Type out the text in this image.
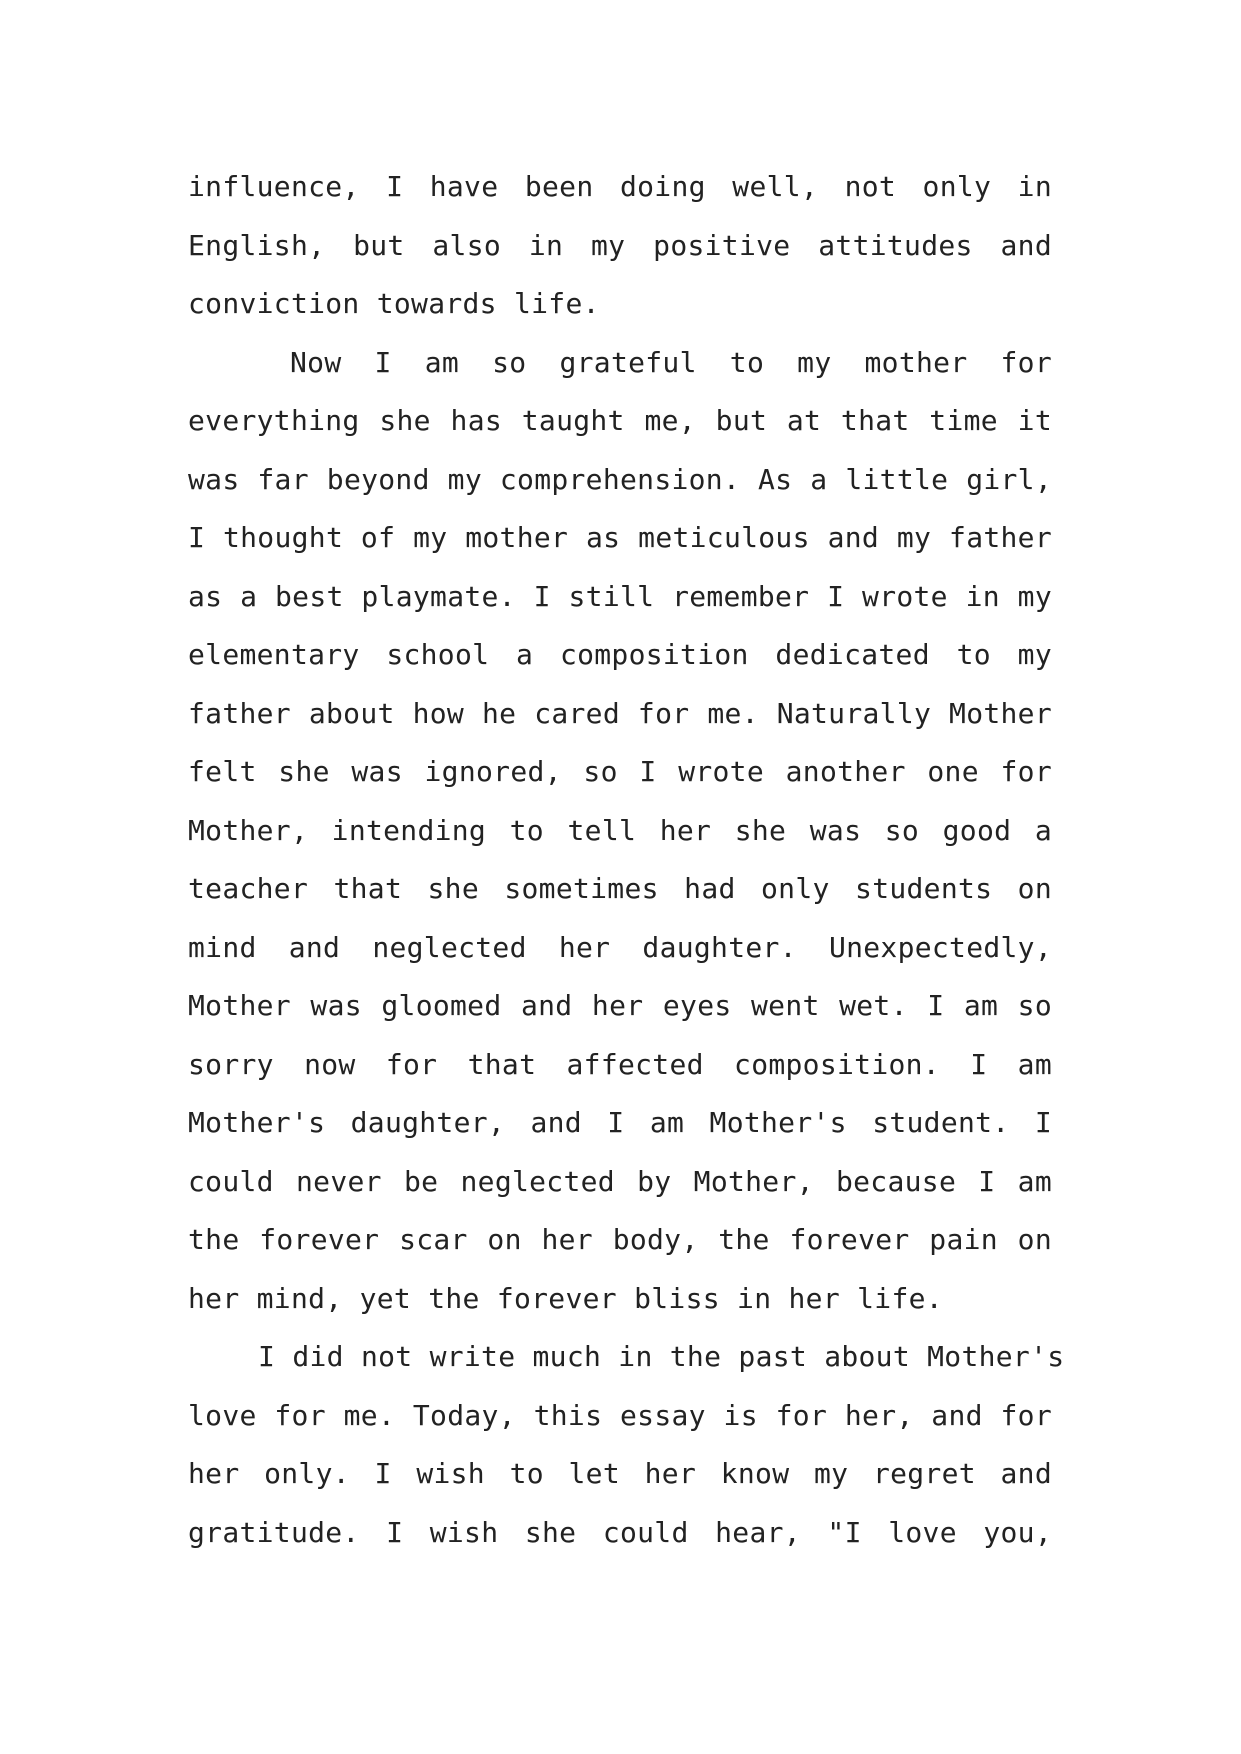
influence, I have been doing well, not only in
English, but also in my positive attitudes and
conviction towards life.
Now I am so grateful to my mother for
everything she has taught me, but at that time it
was far beyond my comprehension. As a little girl,
I thought of my mother as meticulous and my father
as a best playmate. I still remember I wrote in my
elementary school a composition dedicated to my
father about how he cared for me. Naturally Mother
felt she was ignored, so I wrote another one for
Mother, intending to tell her she was so good a
teacher that she sometimes had only students on
mind and neglected her daughter. Unexpectedly,
Mother was gloomed and her eyes went wet. I am so
sorry now for that affected composition. I am
Mother's daughter, and I am Mother's student. I
could never be neglected by Mother, because I am
the forever scar on her body, the forever pain on
her mind, yet the forever bliss in her life.
I did not write much in the past about Mother's
love for me. Today, this essay is for her, and for
her only. I wish to let her know my regret and
gratitude. I wish she could hear, "I love you,
